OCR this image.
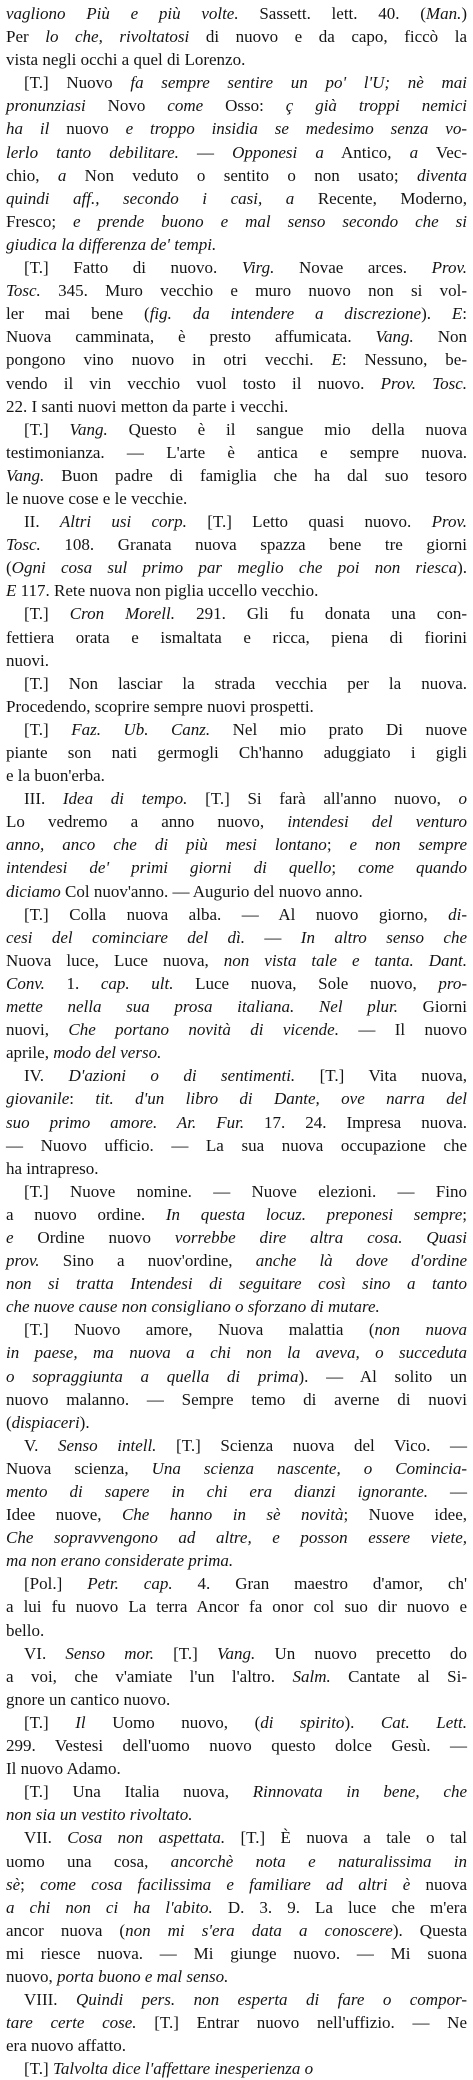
vagliono Più e più volte. Sassett. lett. 40. (Man.)
Per lo che, rivoltatosi di nuovo e da capo, ficcò la
vista negli occhi a quel di Lorenzo.
[T.] Nuovo fa sempre sentire un po' l'U; nè mai
pronunziasi Novo come Osso: ç già troppi nemici
ha il nuovo e troppo insidia se medesimo senza vo-
lerlo tanto debilitare. — Opponesi a Antico, a Vec-
chio, a Non veduto o sentito o non usato; diventa
quindi aff., secondo i casi, a Recente, Moderno,
Fresco; e prende buono e mal senso secondo che si
giudica la differenza de' tempi.
[T.] Fatto di nuovo. Virg. Novae arces. Prov.
Tosc. 345. Muro vecchio e muro nuovo non si vol-
ler mai bene (fig. da intendere a discrezione). E:
Nuova camminata, è presto affumicata. Vang. Non
pongono vino nuovo in otri vecchi. E: Nessuno, be-
vendo il vin vecchio vuol tosto il nuovo. Prov. Tosc.
22. I santi nuovi metton da parte i vecchi.
[T.] Vang. Questo è il sangue mio della nuova
testimonianza. — L'arte è antica e sempre nuova.
Vang. Buon padre di famiglia che ha dal suo tesoro
le nuove cose e le vecchie.
II. Altri usi corp. [T.] Letto quasi nuovo. Prov.
Tosc. 108. Granata nuova spazza bene tre giorni
(Ogni cosa sul primo par meglio che poi non riesca).
E 117. Rete nuova non piglia uccello vecchio.
[T.] Cron Morell. 291. Gli fu donata una con-
fettiera orata e ismaltata e ricca, piena di fiorini
nuovi.
[T.] Non lasciar la strada vecchia per la nuova.
Procedendo, scoprire sempre nuovi prospetti.
[T.] Faz. Ub. Canz. Nel mio prato Di nuove
piante son nati germogli Ch'hanno aduggiato i gigli
e la buon'erba.
III. Idea di tempo. [T.] Si farà all'anno nuovo, o
Lo vedremo a anno nuovo, intendesi del venturo
anno, anco che di più mesi lontano; e non sempre
intendesi de' primi giorni di quello; come quando
diciamo Col nuov'anno. — Augurio del nuovo anno.
[T.] Colla nuova alba. — Al nuovo giorno, di-
cesi del cominciare del dì. — In altro senso che
Nuova luce, Luce nuova, non vista tale e tanta. Dant.
Conv. 1. cap. ult. Luce nuova, Sole nuovo, pro-
mette nella sua prosa italiana. Nel plur. Giorni
nuovi, Che portano novità di vicende. — Il nuovo
aprile, modo del verso.
IV. D'azioni o di sentimenti. [T.] Vita nuova,
giovanile: tit. d'un libro di Dante, ove narra del
suo primo amore. Ar. Fur. 17. 24. Impresa nuova.
— Nuovo ufficio. — La sua nuova occupazione che
ha intrapreso.
[T.] Nuove nomine. — Nuove elezioni. — Fino
a nuovo ordine. In questa locuz. preponesi sempre;
e Ordine nuovo vorrebbe dire altra cosa. Quasi
prov. Sino a nuov'ordine, anche là dove d'ordine
non si tratta Intendesi di seguitare così sino a tanto
che nuove cause non consigliano o sforzano di mutare.
[T.] Nuovo amore, Nuova malattia (non nuova
in paese, ma nuova a chi non la aveva, o succeduta
o sopraggiunta a quella di prima). — Al solito un
nuovo malanno. — Sempre temo di averne di nuovi
(dispiaceri).
V. Senso intell. [T.] Scienza nuova del Vico. —
Nuova scienza, Una scienza nascente, o Comincia-
mento di sapere in chi era dianzi ignorante. —
Idee nuove, Che hanno in sè novità; Nuove idee,
Che sopravvengono ad altre, e posson essere viete,
ma non erano considerate prima.
[Pol.] Petr. cap. 4. Gran maestro d'amor, ch'
a lui fu nuovo La terra Ancor fa onor col suo dir nuovo e
bello.
VI. Senso mor. [T.] Vang. Un nuovo precetto do
a voi, che v'amiate l'un l'altro. Salm. Cantate al Si-
gnore un cantico nuovo.
[T.] Il Uomo nuovo, (di spirito). Cat. Lett.
299. Vestesi dell'uomo nuovo questo dolce Gesù. —
Il nuovo Adamo.
[T.] Una Italia nuova, Rinnovata in bene, che
non sia un vestito rivoltato.
VII. Cosa non aspettata. [T.] È nuova a tale o tal
uomo una cosa, ancorchè nota e naturalissima in
sè; come cosa facilissima e familiare ad altri è nuova
a chi non ci ha l'abito. D. 3. 9. La luce che m'era
ancor nuova (non mi s'era data a conoscere). Questa
mi riesce nuova. — Mi giunge nuovo. — Mi suona
nuovo, porta buono e mal senso.
VIII. Quindi pers. non esperta di fare o compor-
tare certe cose. [T.] Entrar nuovo nell'uffizio. — Ne
era nuovo affatto.
[T.] Talvolta dice l'affettare inesperienza o
